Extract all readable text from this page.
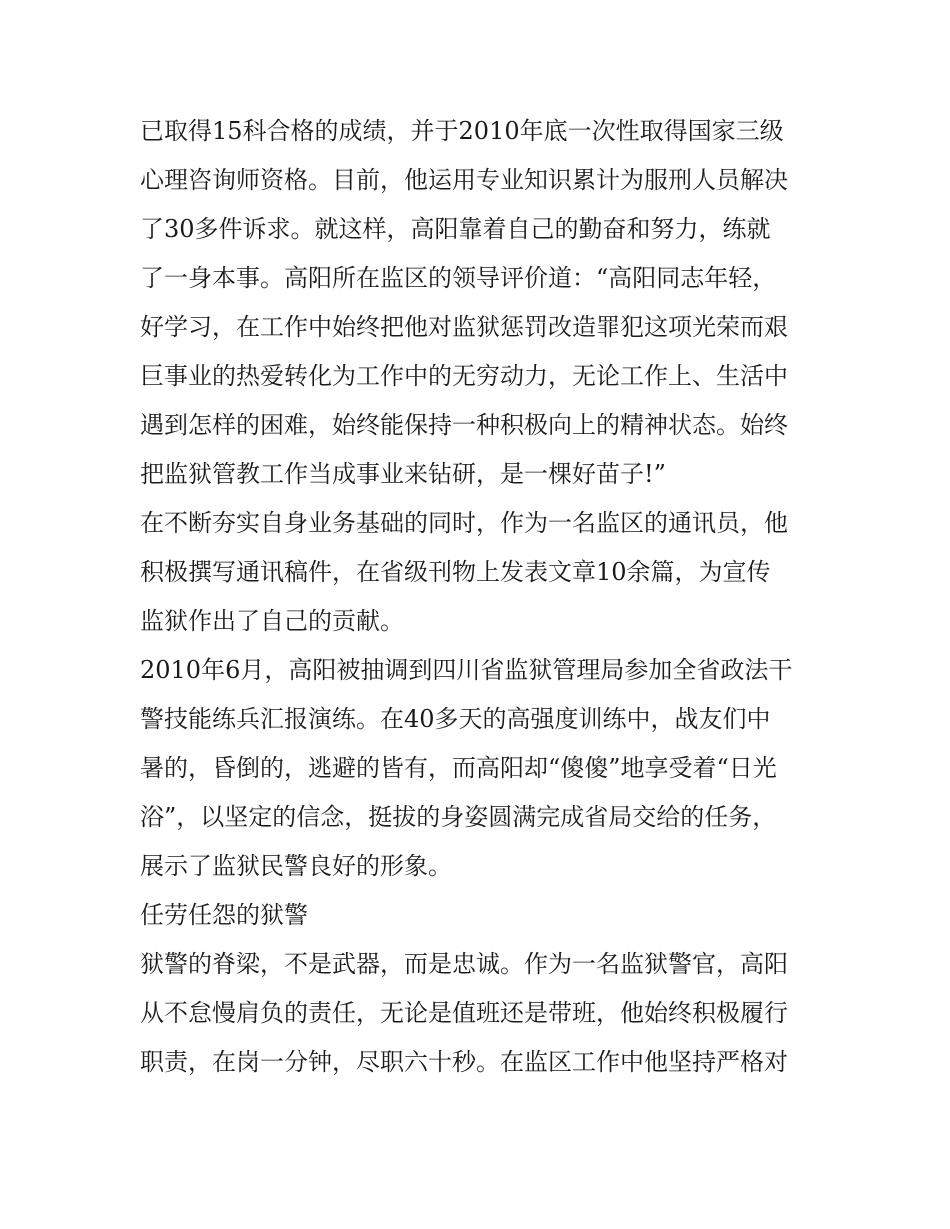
已取得15科合格的成绩，并于2010年底一次性取得国家三级
心理咨询师资格。目前，他运用专业知识累计为服刑人员解决
了30多件诉求。就这样，高阳靠着自己的勤奋和努力，练就
了一身本事。高阳所在监区的领导评价道：“高阳同志年轻，
好学习，在工作中始终把他对监狱惩罚改造罪犯这项光荣而艰
巨事业的热爱转化为工作中的无穷动力，无论工作上、生活中
遇到怎样的困难，始终能保持一种积极向上的精神状态。始终
把监狱管教工作当成事业来钻研，是一棵好苗子!”
在不断夯实自身业务基础的同时，作为一名监区的通讯员，他
积极撰写通讯稿件，在省级刊物上发表文章10余篇，为宣传
监狱作出了自己的贡献。
2010年6月，高阳被抽调到四川省监狱管理局参加全省政法干
警技能练兵汇报演练。在40多天的高强度训练中，战友们中
暑的，昏倒的，逃避的皆有，而高阳却“傻傻”地享受着“日光
浴”，以坚定的信念，挺拔的身姿圆满完成省局交给的任务，
展示了监狱民警良好的形象。
任劳任怨的狱警
狱警的脊梁，不是武器，而是忠诚。作为一名监狱警官，高阳
从不怠慢肩负的责任，无论是值班还是带班，他始终积极履行
职责，在岗一分钟，尽职六十秒。在监区工作中他坚持严格对
